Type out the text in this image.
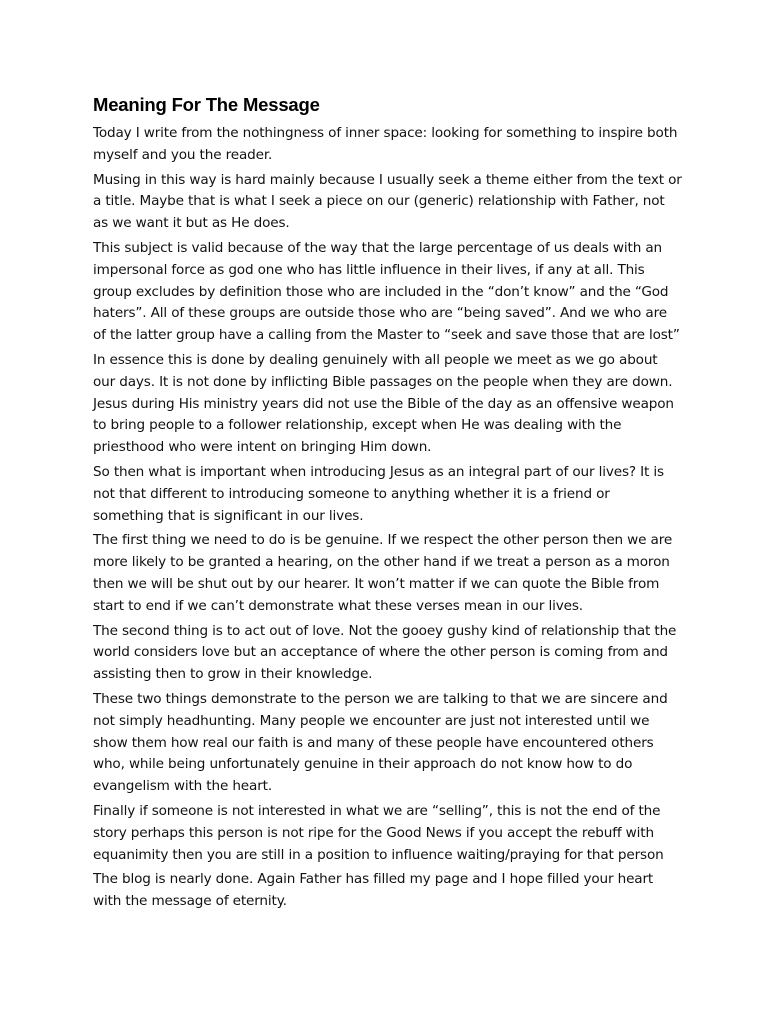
Meaning For The Message

Today I write from the nothingness of inner space: looking for something to inspire both myself and you the reader.

Musing in this way is hard mainly because I usually seek a theme either from the text or a title. Maybe that is what I seek a piece on our (generic) relationship with Father, not as we want it but as He does.

This subject is valid because of the way that the large percentage of us deals with an impersonal force as god one who has little influence in their lives, if any at all. This group excludes by definition those who are included in the “don’t know” and the “God haters”. All of these groups are outside those who are “being saved”. And we who are of the latter group have a calling from the Master to “seek and save those that are lost”

In essence this is done by dealing genuinely with all people we meet as we go about our days. It is not done by inflicting Bible passages on the people when they are down. Jesus during His ministry years did not use the Bible of the day as an offensive weapon to bring people to a follower relationship, except when He was dealing with the priesthood who were intent on bringing Him down.

So then what is important when introducing Jesus as an integral part of our lives? It is not that different to introducing someone to anything whether it is a friend or something that is significant in our lives.

The first thing we need to do is be genuine. If we respect the other person then we are more likely to be granted a hearing, on the other hand if we treat a person as a moron then we will be shut out by our hearer. It won’t matter if we can quote the Bible from start to end if we can’t demonstrate what these verses mean in our lives.

The second thing is to act out of love. Not the gooey gushy kind of relationship that the world considers love but an acceptance of where the other person is coming from and assisting then to grow in their knowledge.

These two things demonstrate to the person we are talking to that we are sincere and not simply headhunting. Many people we encounter are just not interested until we show them how real our faith is and many of these people have encountered others who, while being unfortunately genuine in their approach do not know how to do evangelism with the heart.

Finally if someone is not interested in what we are “selling”, this is not the end of the story perhaps this person is not ripe for the Good News if you accept the rebuff with equanimity then you are still in a position to influence waiting/praying for that person

The blog is nearly done. Again Father has filled my page and I hope filled your heart with the message of eternity.
